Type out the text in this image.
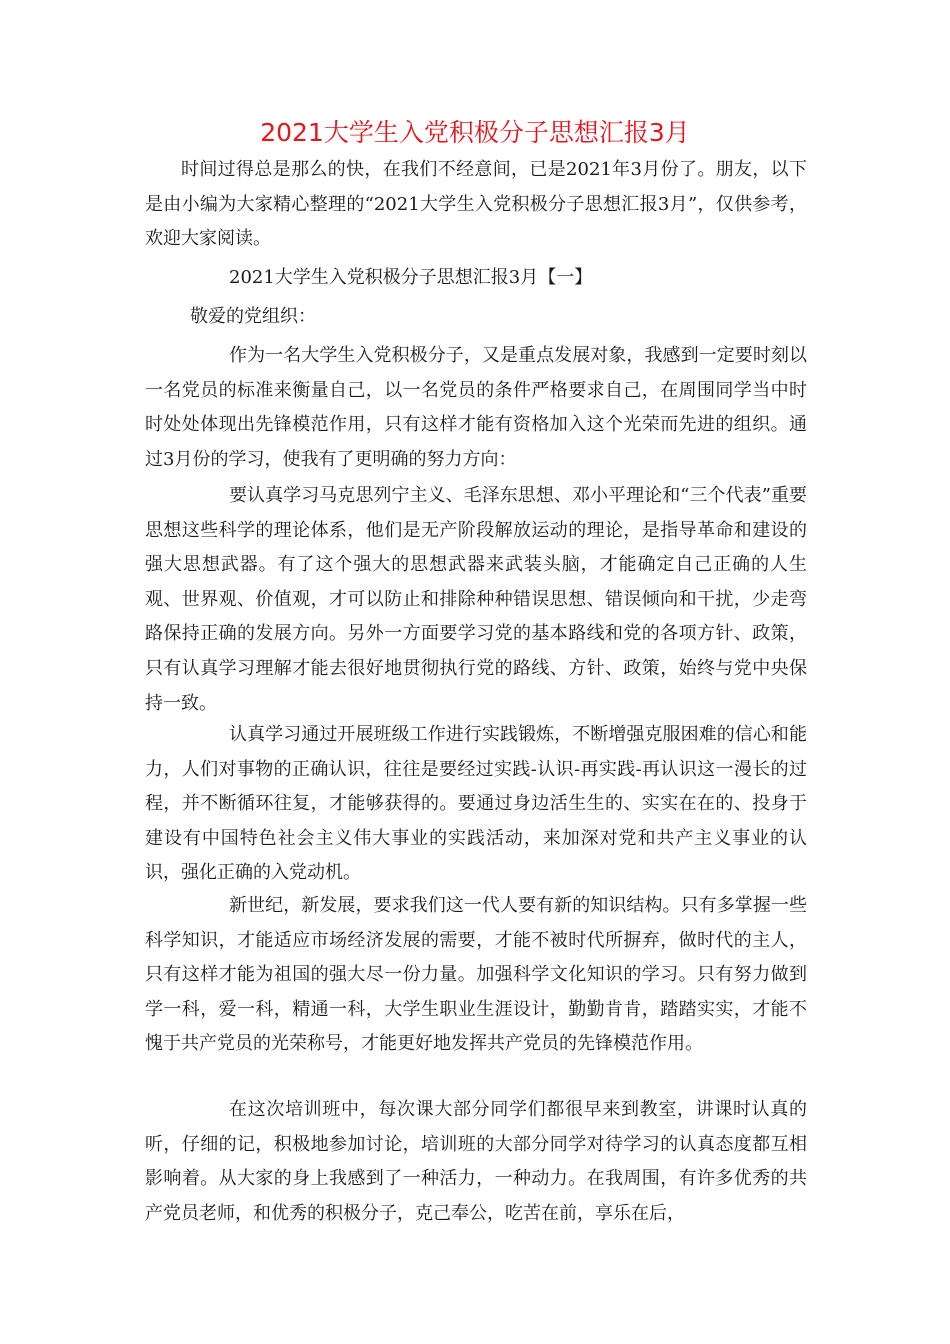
2021大学生入党积极分子思想汇报3月

时间过得总是那么的快，在我们不经意间，已是2021年3月份了。朋友，以下是由小编为大家精心整理的“2021大学生入党积极分子思想汇报3月”，仅供参考，欢迎大家阅读。

2021大学生入党积极分子思想汇报3月【一】

敬爱的党组织：

作为一名大学生入党积极分子，又是重点发展对象，我感到一定要时刻以一名党员的标准来衡量自己，以一名党员的条件严格要求自己，在周围同学当中时时处处体现出先锋模范作用，只有这样才能有资格加入这个光荣而先进的组织。通过3月份的学习，使我有了更明确的努力方向：

要认真学习马克思列宁主义、毛泽东思想、邓小平理论和“三个代表”重要思想这些科学的理论体系，他们是无产阶段解放运动的理论，是指导革命和建设的强大思想武器。有了这个强大的思想武器来武装头脑，才能确定自己正确的人生观、世界观、价值观，才可以防止和排除种种错误思想、错误倾向和干扰，少走弯路保持正确的发展方向。另外一方面要学习党的基本路线和党的各项方针、政策，只有认真学习理解才能去很好地贯彻执行党的路线、方针、政策，始终与党中央保持一致。

认真学习通过开展班级工作进行实践锻炼，不断增强克服困难的信心和能力，人们对事物的正确认识，往往是要经过实践-认识-再实践-再认识这一漫长的过程，并不断循环往复，才能够获得的。要通过身边活生生的、实实在在的、投身于建设有中国特色社会主义伟大事业的实践活动，来加深对党和共产主义事业的认识，强化正确的入党动机。

新世纪，新发展，要求我们这一代人要有新的知识结构。只有多掌握一些科学知识，才能适应市场经济发展的需要，才能不被时代所摒弃，做时代的主人，只有这样才能为祖国的强大尽一份力量。加强科学文化知识的学习。只有努力做到学一科，爱一科，精通一科，大学生职业生涯设计，勤勤肯肯，踏踏实实，才能不愧于共产党员的光荣称号，才能更好地发挥共产党员的先锋模范作用。

在这次培训班中，每次课大部分同学们都很早来到教室，讲课时认真的听，仔细的记，积极地参加讨论，培训班的大部分同学对待学习的认真态度都互相影响着。从大家的身上我感到了一种活力，一种动力。在我周围，有许多优秀的共产党员老师，和优秀的积极分子，克己奉公，吃苦在前，享乐在后，
